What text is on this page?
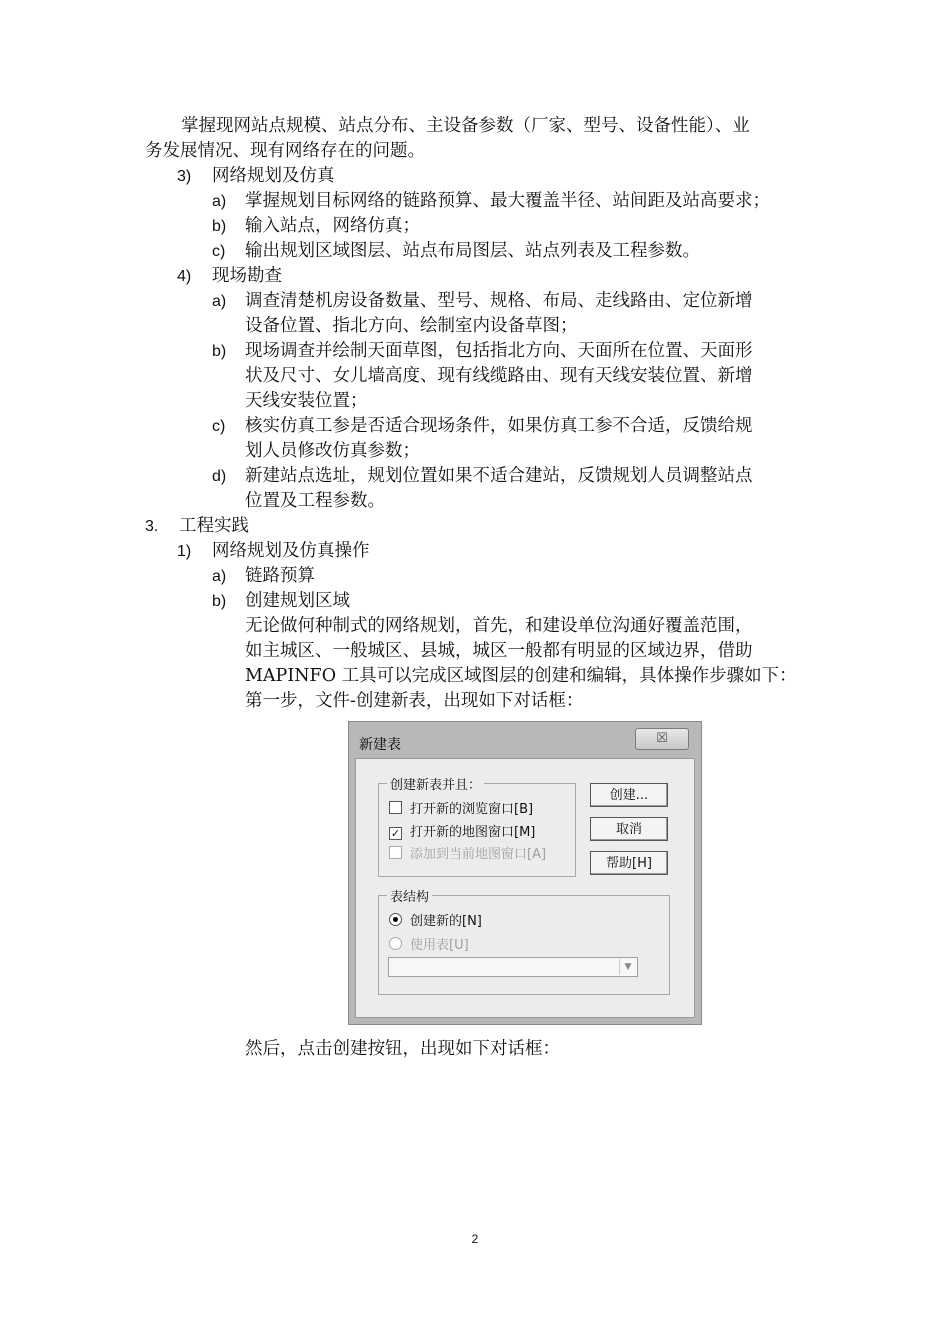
掌握现网站点规模、站点分布、主设备参数（厂家、型号、设备性能）、业
务发展情况、现有网络存在的问题。
3) 网络规划及仿真
a) 掌握规划目标网络的链路预算、最大覆盖半径、站间距及站高要求；
b) 输入站点，网络仿真；
c) 输出规划区域图层、站点布局图层、站点列表及工程参数。
4) 现场勘查
a) 调查清楚机房设备数量、型号、规格、布局、走线路由、定位新增
设备位置、指北方向、绘制室内设备草图；
b) 现场调查并绘制天面草图，包括指北方向、天面所在位置、天面形
状及尺寸、女儿墙高度、现有线缆路由、现有天线安装位置、新增
天线安装位置；
c) 核实仿真工参是否适合现场条件，如果仿真工参不合适，反馈给规
划人员修改仿真参数；
d) 新建站点选址，规划位置如果不适合建站，反馈规划人员调整站点
位置及工程参数。
3. 工程实践
1) 网络规划及仿真操作
a) 链路预算
b) 创建规划区域
无论做何种制式的网络规划，首先，和建设单位沟通好覆盖范围，
如主城区、一般城区、县城，城区一般都有明显的区域边界，借助
MAPINFO 工具可以完成区域图层的创建和编辑，具体操作步骤如下：
第一步，文件-创建新表，出现如下对话框：
新建表	☒
创建新表并且：
打开新的浏览窗口[B]
✓ 打开新的地图窗口[M]
添加到当前地图窗口[A]
创建...
取消
帮助[H]
表结构
创建新的[N]
使用表[U]
▼
然后，点击创建按钮，出现如下对话框：
2
